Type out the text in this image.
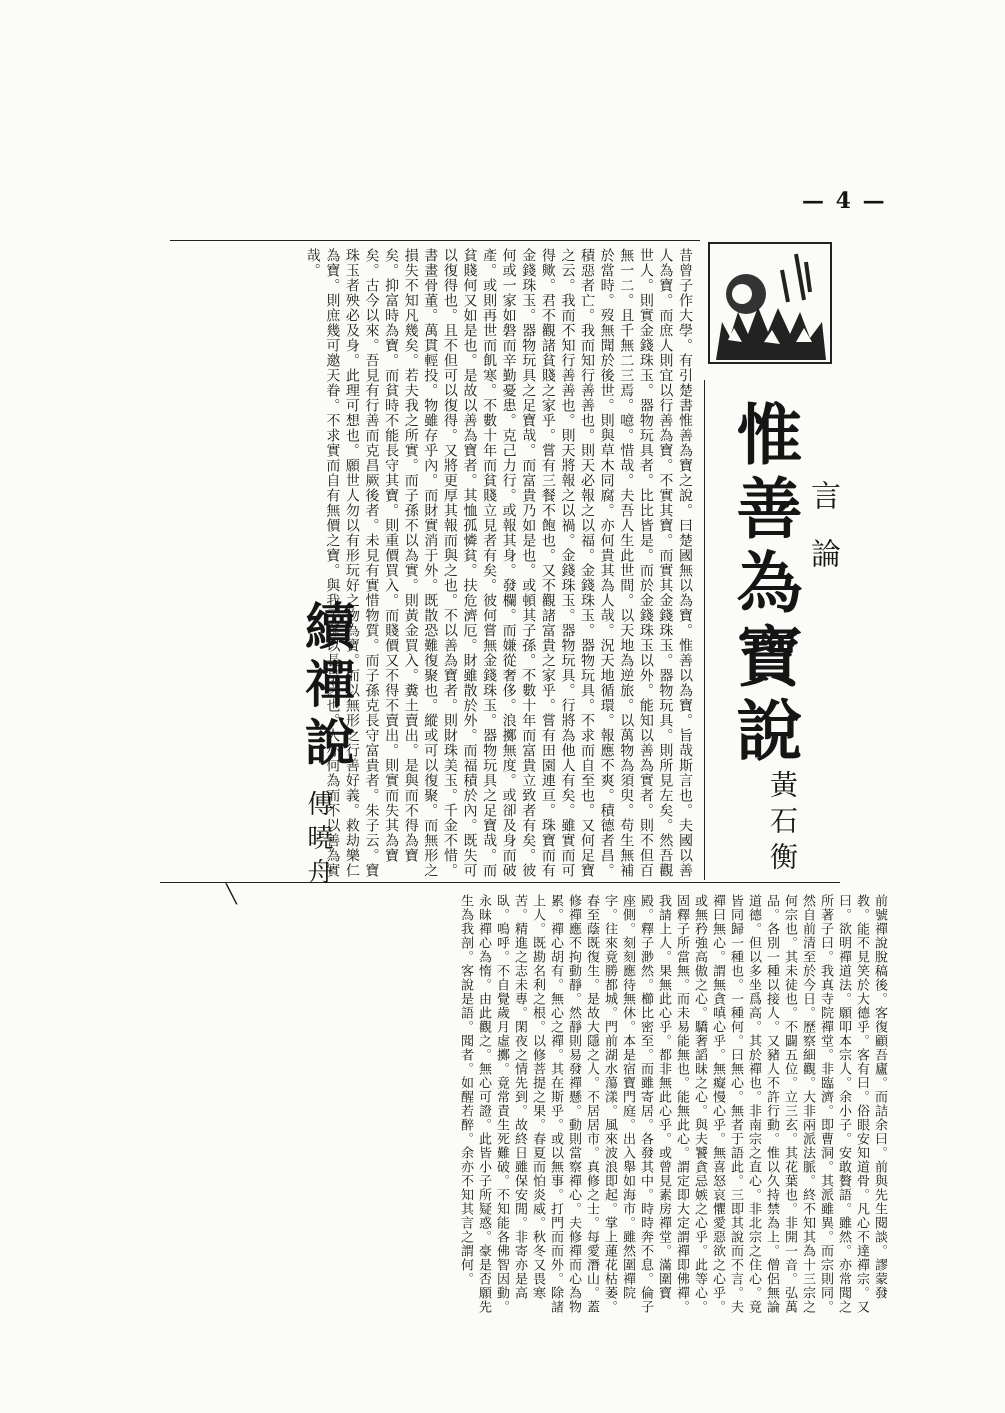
— 4 —
言論
惟善為寶說
黃石衡
昔曾子作大學。有引楚書惟善為寶之說。曰楚國無以為寶。惟善以為寶。旨哉斯言也。夫國以善人為寶。而庶人則宜以行善為寶。不實其寶。而實其金錢珠玉。器物玩具。則所見左矣。然吾觀世人。則實金錢珠玉。器物玩具者。比比皆是。而於金錢珠玉以外。能知以善為實者。則不但百無一二。且千無二三焉。噫。惜哉。夫吾人生此世間。以天地為逆旅。以萬物為須臾。苟生無補於當時。歿無聞於後世。則與草木同腐。亦何貴其為人哉。況天地循環。報應不爽。積德者昌。積惡者亡。我而知行善善也。則天必報之以福。金錢珠玉。器物玩具。不求而自至也。又何足寶之云。我而不知行善善也。則天將報之以禍。金錢珠玉。器物玩具。行將為他人有矣。雖實而可得歟。君不觀諸貧賤之家乎。嘗有三餐不飽也。又不觀諸富貴之家乎。嘗有田園連亘。珠寶而有金錢珠玉。器物玩具之足寶哉。而富貴乃如是也。或頓其子孫。不數十年而富貴立致者有矣。彼何或一家如磐而辛勤憂患。克己力行。或報其身。發欄。而嫌從奢侈。浪擲無度。或卻及身而破產。或則再世而飢寒。不數十年而貧賤立見者有矣。彼何嘗無金錢珠玉。器物玩具之足寶哉。而貧賤何又如是也。是故以善為寶者。其恤孤憐貧。扶危濟厄。財雖散於外。而福積於內。既失可以復得也。且不但可以復得。又將更厚其報而與之也。不以善為寶者。則財珠美玉。千金不惜。書畫骨董。萬貫輕投。物雖存乎內。而財實消于外。既散恐難復聚也。縱或可以復聚。而無形之損失不知凡幾矣。若夫我之所實。而子孫不以為實。則黃金買入。糞土賣出。是與而不得為寶矣。抑富時為寶。而貧時不能長守其寶。則重價買入。而賤價又不得不賣出。則實而失其為寶矣。古今以來。吾見有行善而克昌厥後者。未見有實惜物質。而子孫克長守富貴者。朱子云。寶珠玉者殃必及身。此理可想也。願世人勿以有形玩好之物為寶。而以無形之行善好義。救劫樂仁為寶。則庶幾可邀天眷。不求實而自有無價之寶。與我子孫以長享之也。人亦何為而不以善為實哉。
續禪說
傅曉舟
前號禪說脫稿後。客復顧吾廬。而詰余曰。前與先生閱談。謬蒙發教。能不見笑於大德乎。客有曰。俗眼安知道骨。凡心不達禪宗。又曰。欲明禪道法。願叩本宗人。余小子。安敢贅語。雖然。亦常聞之所著子曰。我真寺院禪堂。非臨濟。即曹洞。其派雖異。而宗則同。然自前清至於今日。歷察細觀。大非兩派法脈。終不知其為十三宗之何宗也。其未徒也。不闢五位。立三玄。其花葉也。非開一音。弘萬品。各別一種以接人。又豬人不許行動。惟以久持禁為上。僧侶無論道德。但以多坐爲高。其於禪也。非南宗之直心。非北宗之住心。竟皆同歸一種也。一種何。曰無心。無者于語此。三即其說而不言。夫禪曰無心。謂無貪嗔心乎。無癡慢心乎。無喜怒哀懼愛惡欲之心乎。或無矜強高傲之心。驕奢謟昧之心。與夫饕貪忌嫉之心乎。此等心。固釋子所當無。而未易能無也。能無此心。謂定即大定謂禪即佛禪。我請上人。果無此心乎。都非無此心乎。或曾見素房禪堂。滿圍寶殿。釋子渺然。櫛比密至。而雖寄居。各發其中。時時奔不息。倫子座側。刻刻應待無休。本是宿寶門庭。出入舉如海市。雖然圍禪院字。往來竟勝都城。門前湖水蕩漾。風來波浪即起。掌上蓮花枯萎。春至蔭既復生。是故大隱之人。不居居市。真修之士。每愛潛山。蓋修禪應不拘動靜。然靜則易發禪懸。動則當察禪心。夫修禪而心為物累。禪心胡有。無心之禪。其在斯乎。或以無事。打門而而外。除諸上人。既勘名利之根。以修菩提之果。春夏而怕炎威。秋冬又畏寒苦。精進之志未專。閑夜之情先到。故終日雖保安閒。非寄亦是高臥。嗚呼。不自覺歲月虛擲。竟常責生死難破。不知能各佛智因動。永昧禪心為惰。由此觀之。無心可證。此皆小子所疑惑。豪是否願先生為我剖。客說是語。聞者。如醒若醉。余亦不知其言之謂何。
╲
